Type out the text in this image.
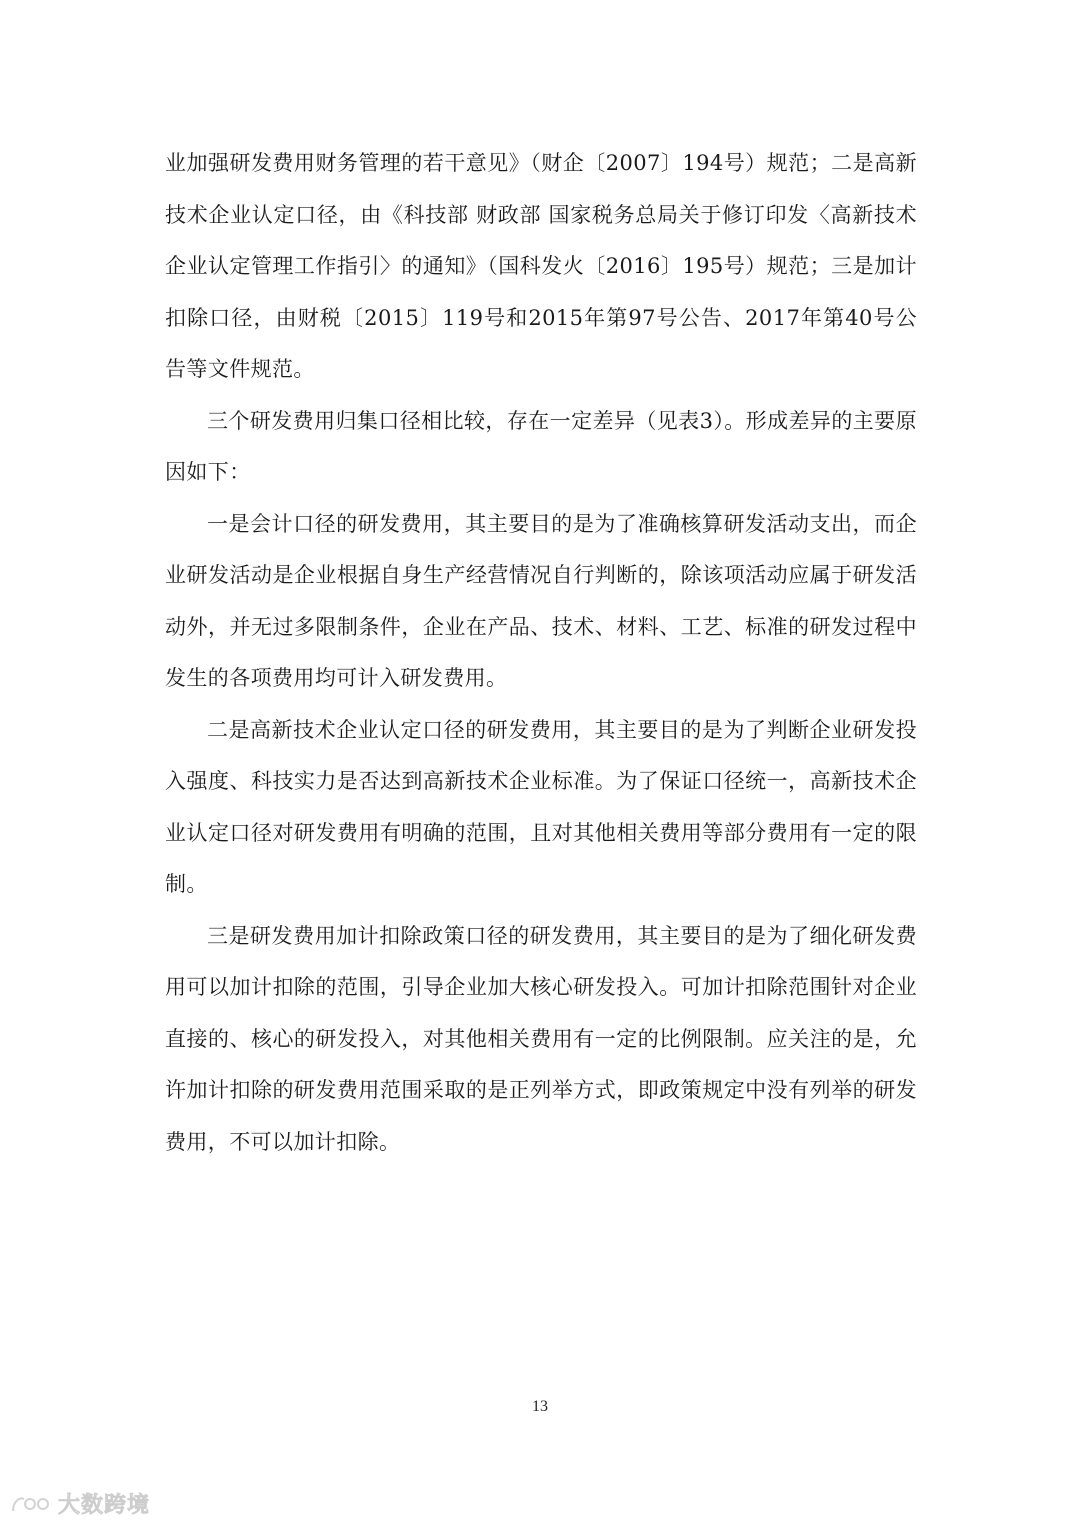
业加强研发费用财务管理的若干意见》（财企〔2007〕194号）规范；二是高新技术企业认定口径，由《科技部 财政部 国家税务总局关于修订印发〈高新技术企业认定管理工作指引〉的通知》（国科发火〔2016〕195号）规范；三是加计扣除口径，由财税〔2015〕119号和2015年第97号公告、2017年第40号公告等文件规范。

三个研发费用归集口径相比较，存在一定差异（见表3）。形成差异的主要原因如下：

一是会计口径的研发费用，其主要目的是为了准确核算研发活动支出，而企业研发活动是企业根据自身生产经营情况自行判断的，除该项活动应属于研发活动外，并无过多限制条件，企业在产品、技术、材料、工艺、标准的研发过程中发生的各项费用均可计入研发费用。

二是高新技术企业认定口径的研发费用，其主要目的是为了判断企业研发投入强度、科技实力是否达到高新技术企业标准。为了保证口径统一，高新技术企业认定口径对研发费用有明确的范围，且对其他相关费用等部分费用有一定的限制。

三是研发费用加计扣除政策口径的研发费用，其主要目的是为了细化研发费用可以加计扣除的范围，引导企业加大核心研发投入。可加计扣除范围针对企业直接的、核心的研发投入，对其他相关费用有一定的比例限制。应关注的是，允许加计扣除的研发费用范围采取的是正列举方式，即政策规定中没有列举的研发费用，不可以加计扣除。

13
大数跨境
